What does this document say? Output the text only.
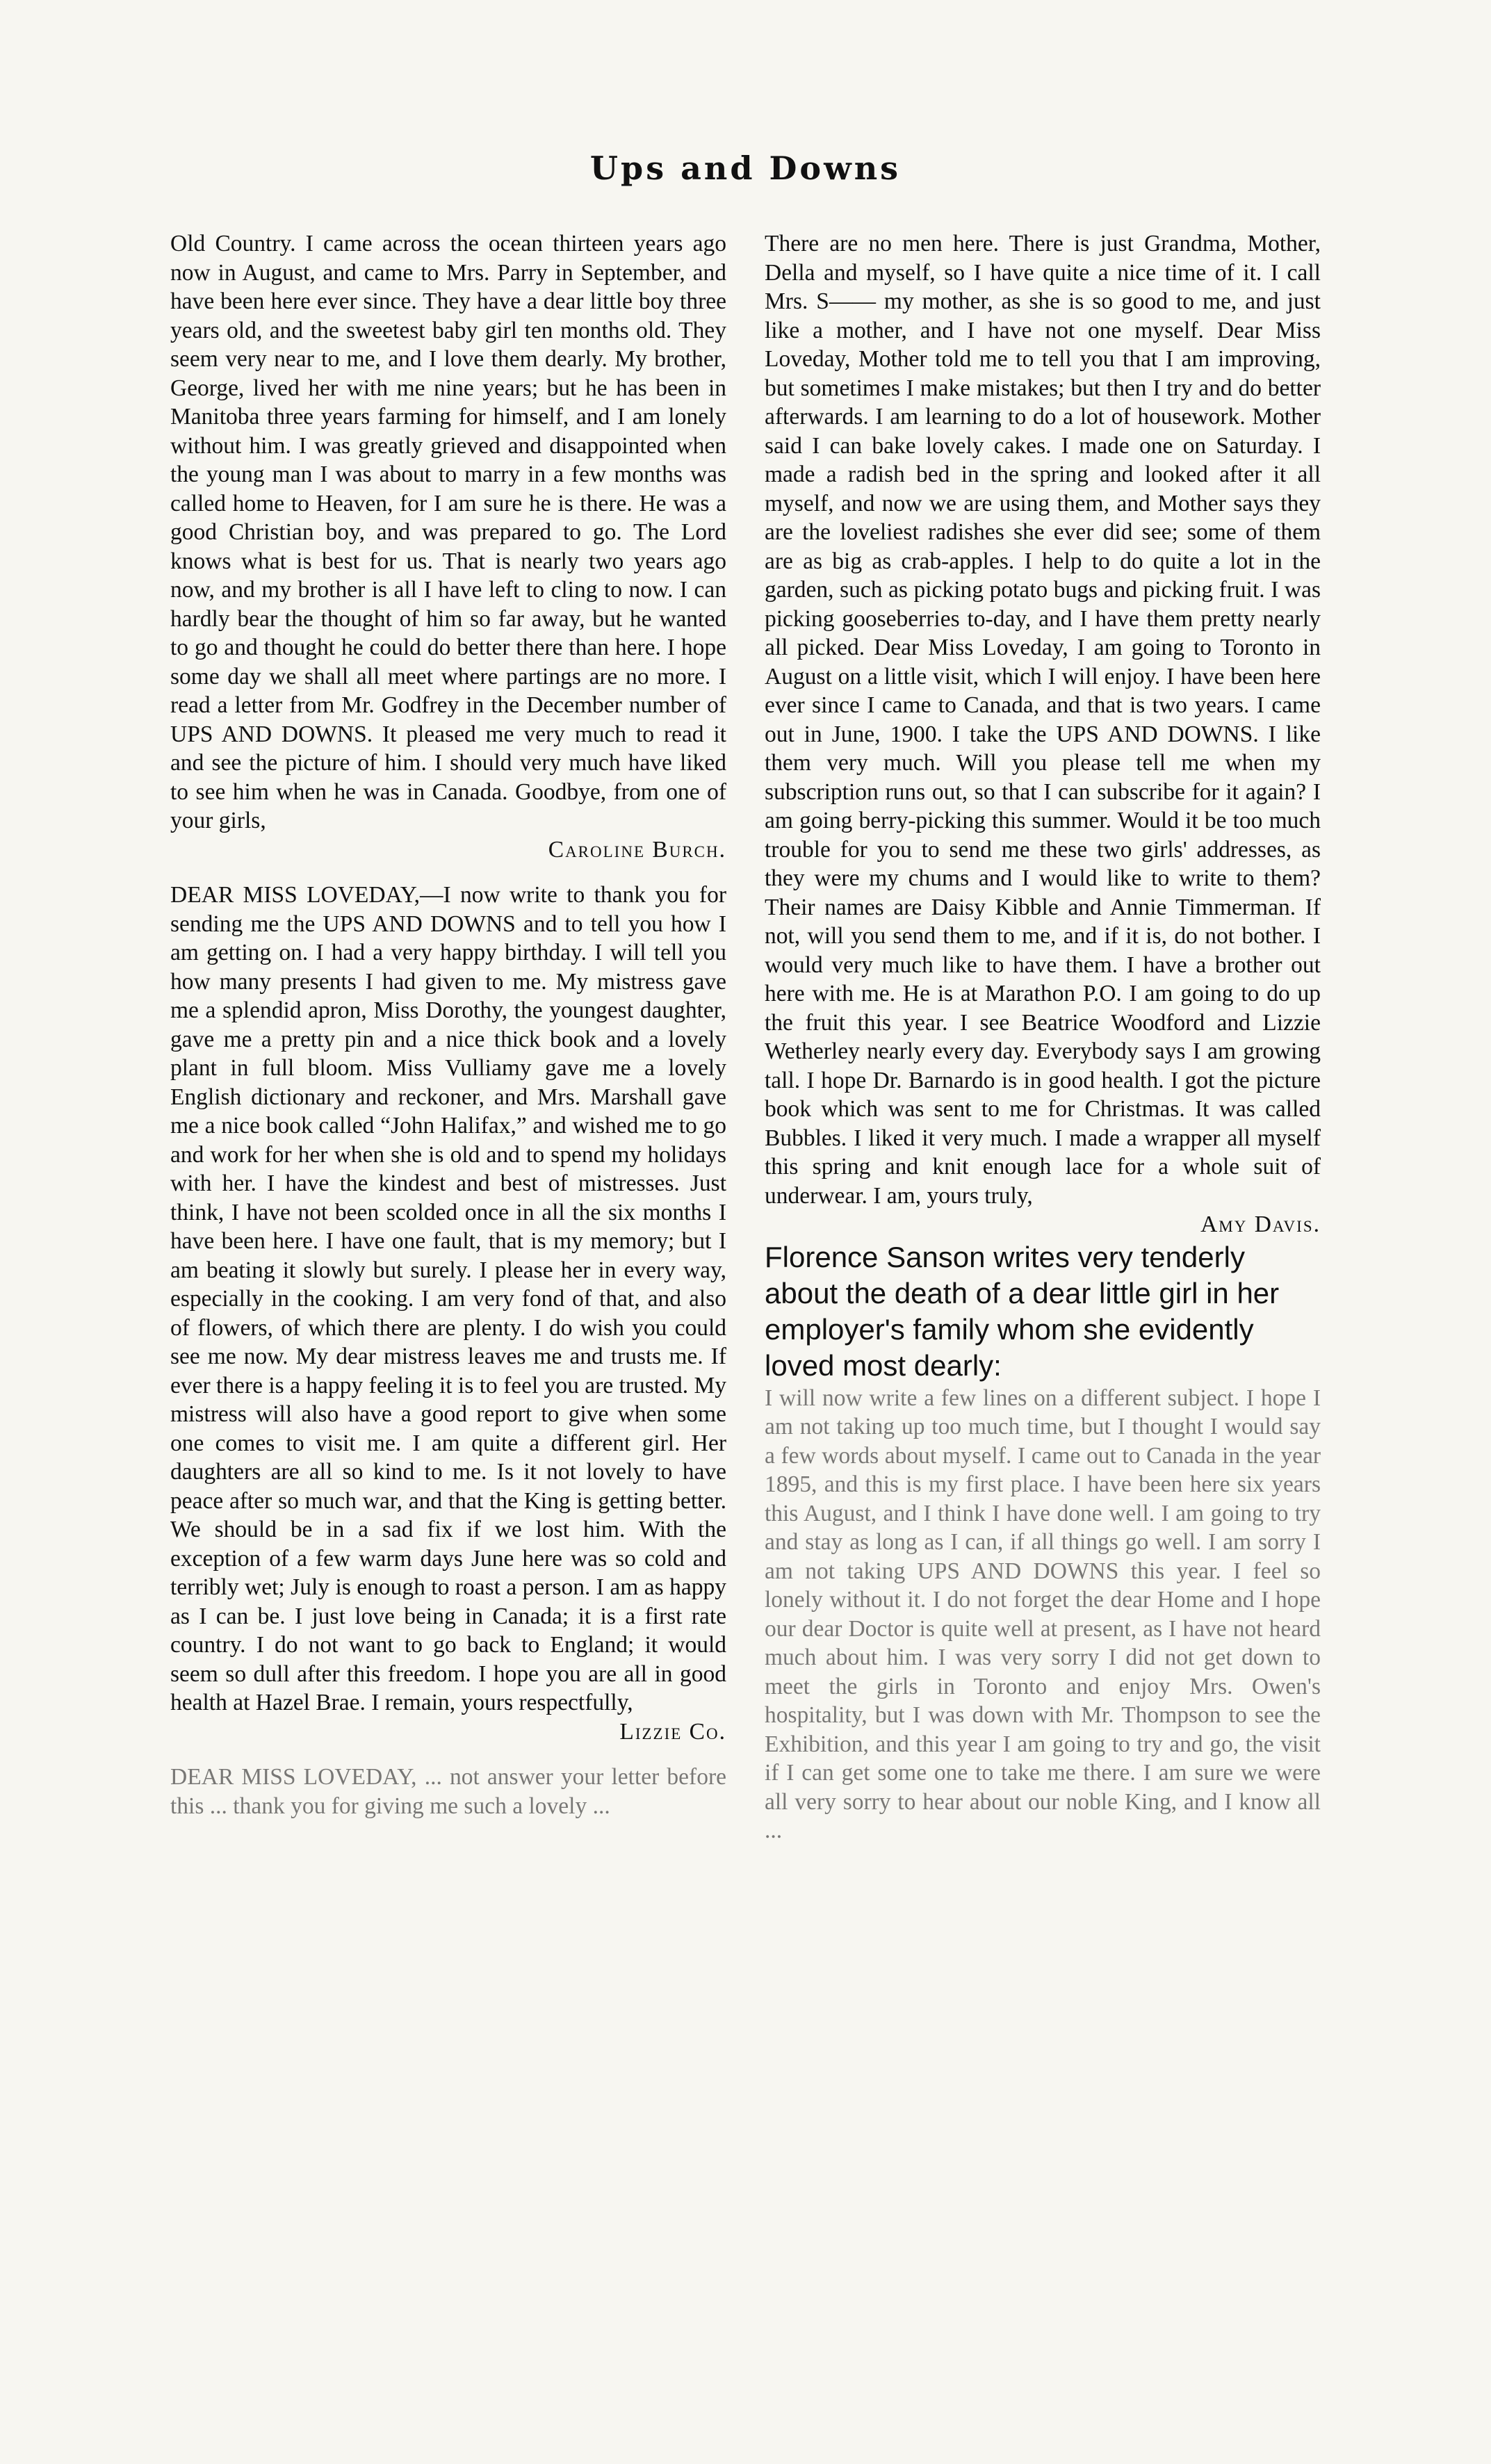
Ups and Downs

Old Country. I came across the ocean thirteen years ago now in August, and came to Mrs. Parry in September, and have been here ever since. They have a dear little boy three years old, and the sweetest baby girl ten months old. They seem very near to me, and I love them dearly. My brother, George, lived her with me nine years; but he has been in Manitoba three years farming for himself, and I am lonely without him. I was greatly grieved and disappointed when the young man I was about to marry in a few months was called home to Heaven, for I am sure he is there. He was a good Christian boy, and was prepared to go. The Lord knows what is best for us. That is nearly two years ago now, and my brother is all I have left to cling to now. I can hardly bear the thought of him so far away, but he wanted to go and thought he could do better there than here. I hope some day we shall all meet where partings are no more. I read a letter from Mr. Godfrey in the December number of UPS AND DOWNS. It pleased me very much to read it and see the picture of him. I should very much have liked to see him when he was in Canada. Goodbye, from one of your girls,

Caroline Burch.

DEAR MISS LOVEDAY,—I now write to thank you for sending me the UPS AND DOWNS and to tell you how I am getting on. I had a very happy birthday. I will tell you how many presents I had given to me. My mistress gave me a splendid apron, Miss Dorothy, the youngest daughter, gave me a pretty pin and a nice thick book and a lovely plant in full bloom. Miss Vulliamy gave me a lovely English dictionary and reckoner, and Mrs. Marshall gave me a nice book called “John Halifax,” and wished me to go and work for her when she is old and to spend my holidays with her. I have the kindest and best of mistresses. Just think, I have not been scolded once in all the six months I have been here. I have one fault, that is my memory; but I am beating it slowly but surely. I please her in every way, especially in the cooking. I am very fond of that, and also of flowers, of which there are plenty. I do wish you could see me now. My dear mistress leaves me and trusts me. If ever there is a happy feeling it is to feel you are trusted. My mistress will also have a good report to give when some one comes to visit me. I am quite a different girl. Her daughters are all so kind to me. Is it not lovely to have peace after so much war, and that the King is getting better. We should be in a sad fix if we lost him. With the exception of a few warm days June here was so cold and terribly wet; July is enough to roast a person. I am as happy as I can be. I just love being in Canada; it is a first rate country. I do not want to go back to England; it would seem so dull after this freedom. I hope you are all in good health at Hazel Brae. I remain, yours respectfully,

Lizzie Co.

DEAR MISS LOVEDAY, ... not answer your letter before this ... thank you for giving me such a lovely ...

There are no men here. There is just Grandma, Mother, Della and myself, so I have quite a nice time of it. I call Mrs. S—— my mother, as she is so good to me, and just like a mother, and I have not one myself. Dear Miss Loveday, Mother told me to tell you that I am improving, but sometimes I make mistakes; but then I try and do better afterwards. I am learning to do a lot of housework. Mother said I can bake lovely cakes. I made one on Saturday. I made a radish bed in the spring and looked after it all myself, and now we are using them, and Mother says they are the loveliest radishes she ever did see; some of them are as big as crab-apples. I help to do quite a lot in the garden, such as picking potato bugs and picking fruit. I was picking gooseberries to-day, and I have them pretty nearly all picked. Dear Miss Loveday, I am going to Toronto in August on a little visit, which I will enjoy. I have been here ever since I came to Canada, and that is two years. I came out in June, 1900. I take the UPS AND DOWNS. I like them very much. Will you please tell me when my subscription runs out, so that I can subscribe for it again? I am going berry-picking this summer. Would it be too much trouble for you to send me these two girls' addresses, as they were my chums and I would like to write to them? Their names are Daisy Kibble and Annie Timmerman. If not, will you send them to me, and if it is, do not bother. I would very much like to have them. I have a brother out here with me. He is at Marathon P.O. I am going to do up the fruit this year. I see Beatrice Woodford and Lizzie Wetherley nearly every day. Everybody says I am growing tall. I hope Dr. Barnardo is in good health. I got the picture book which was sent to me for Christmas. It was called Bubbles. I liked it very much. I made a wrapper all myself this spring and knit enough lace for a whole suit of underwear. I am, yours truly,

Amy Davis.

Florence Sanson writes very tenderly about the death of a dear little girl in her employer's family whom she evidently loved most dearly:

I will now write a few lines on a different subject. I hope I am not taking up too much time, but I thought I would say a few words about myself. I came out to Canada in the year 1895, and this is my first place. I have been here six years this August, and I think I have done well. I am going to try and stay as long as I can, if all things go well. I am sorry I am not taking UPS AND DOWNS this year. I feel so lonely without it. I do not forget the dear Home and I hope our dear Doctor is quite well at present, as I have not heard much about him. I was very sorry I did not get down to meet the girls in Toronto and enjoy Mrs. Owen's hospitality, but I was down with Mr. Thompson to see the Exhibition, and this year I am going to try and go, the visit if I can get some one to take me there. I am sure we were all very sorry to hear about our noble King, and I know all ...
